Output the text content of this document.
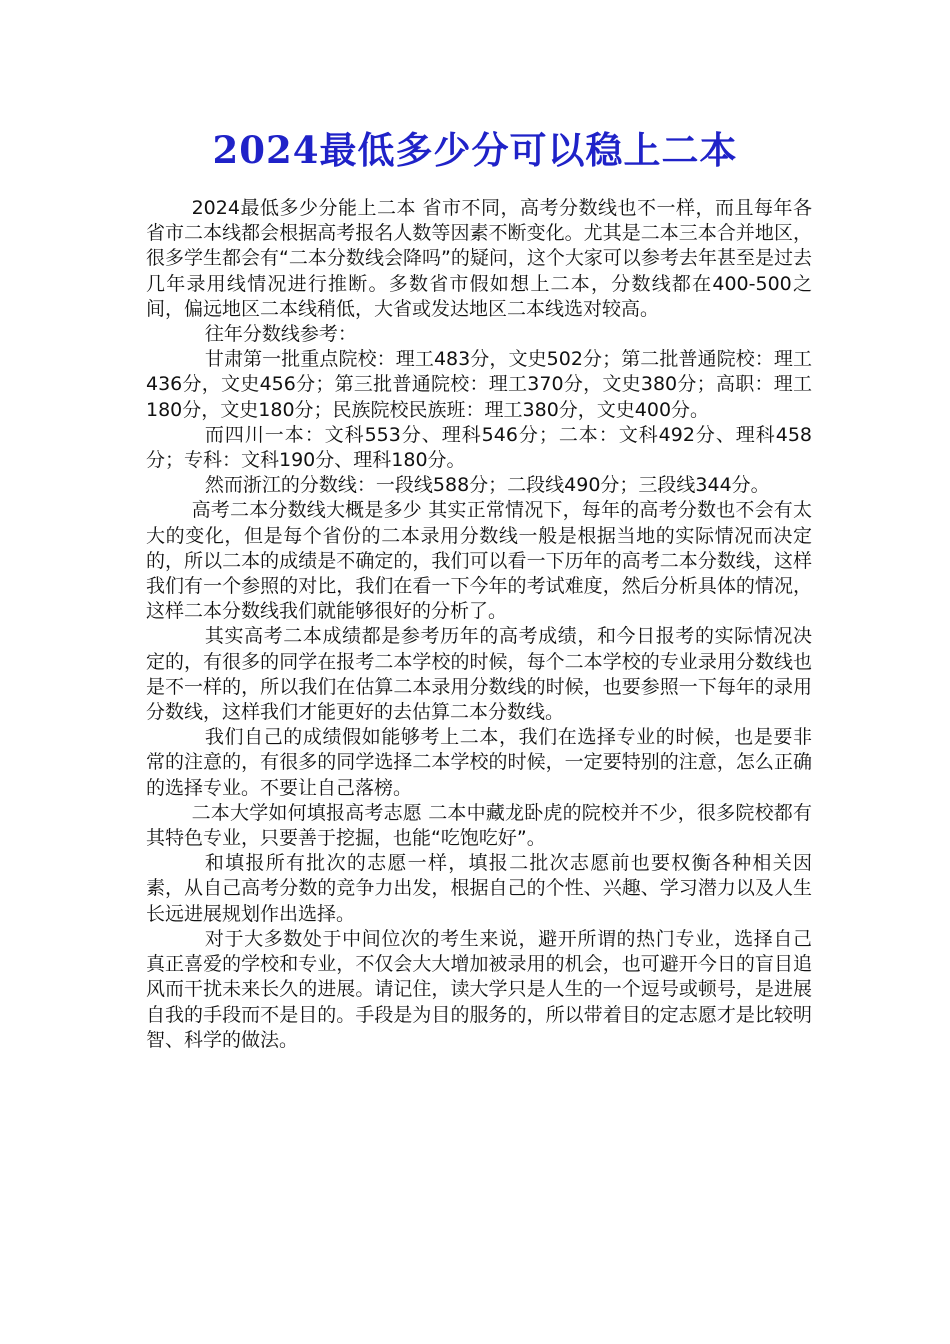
2024最低多少分可以稳上二本

2024最低多少分能上二本 省市不同，高考分数线也不一样，而且每年各省市二本线都会根据高考报名人数等因素不断变化。尤其是二本三本合并地区，很多学生都会有“二本分数线会降吗”的疑问，这个大家可以参考去年甚至是过去几年录用线情况进行推断。多数省市假如想上二本，分数线都在400-500之间，偏远地区二本线稍低，大省或发达地区二本线选对较高。

往年分数线参考：

甘肃第一批重点院校：理工483分，文史502分；第二批普通院校：理工436分，文史456分；第三批普通院校：理工370分，文史380分；高职：理工180分，文史180分；民族院校民族班：理工380分，文史400分。

而四川一本：文科553分、理科546分；二本：文科492分、理科458分；专科：文科190分、理科180分。

然而浙江的分数线：一段线588分；二段线490分；三段线344分。

高考二本分数线大概是多少 其实正常情况下，每年的高考分数也不会有太大的变化，但是每个省份的二本录用分数线一般是根据当地的实际情况而决定的，所以二本的成绩是不确定的，我们可以看一下历年的高考二本分数线，这样我们有一个参照的对比，我们在看一下今年的考试难度，然后分析具体的情况，这样二本分数线我们就能够很好的分析了。

其实高考二本成绩都是参考历年的高考成绩，和今日报考的实际情况决定的，有很多的同学在报考二本学校的时候，每个二本学校的专业录用分数线也是不一样的，所以我们在估算二本录用分数线的时候，也要参照一下每年的录用分数线，这样我们才能更好的去估算二本分数线。

我们自己的成绩假如能够考上二本，我们在选择专业的时候，也是要非常的注意的，有很多的同学选择二本学校的时候，一定要特别的注意，怎么正确的选择专业。不要让自己落榜。

二本大学如何填报高考志愿 二本中藏龙卧虎的院校并不少，很多院校都有其特色专业，只要善于挖掘，也能“吃饱吃好”。

和填报所有批次的志愿一样，填报二批次志愿前也要权衡各种相关因素，从自己高考分数的竞争力出发，根据自己的个性、兴趣、学习潜力以及人生长远进展规划作出选择。

对于大多数处于中间位次的考生来说，避开所谓的热门专业，选择自己真正喜爱的学校和专业，不仅会大大增加被录用的机会，也可避开今日的盲目追风而干扰未来长久的进展。请记住，读大学只是人生的一个逗号或顿号，是进展自我的手段而不是目的。手段是为目的服务的，所以带着目的定志愿才是比较明智、科学的做法。
